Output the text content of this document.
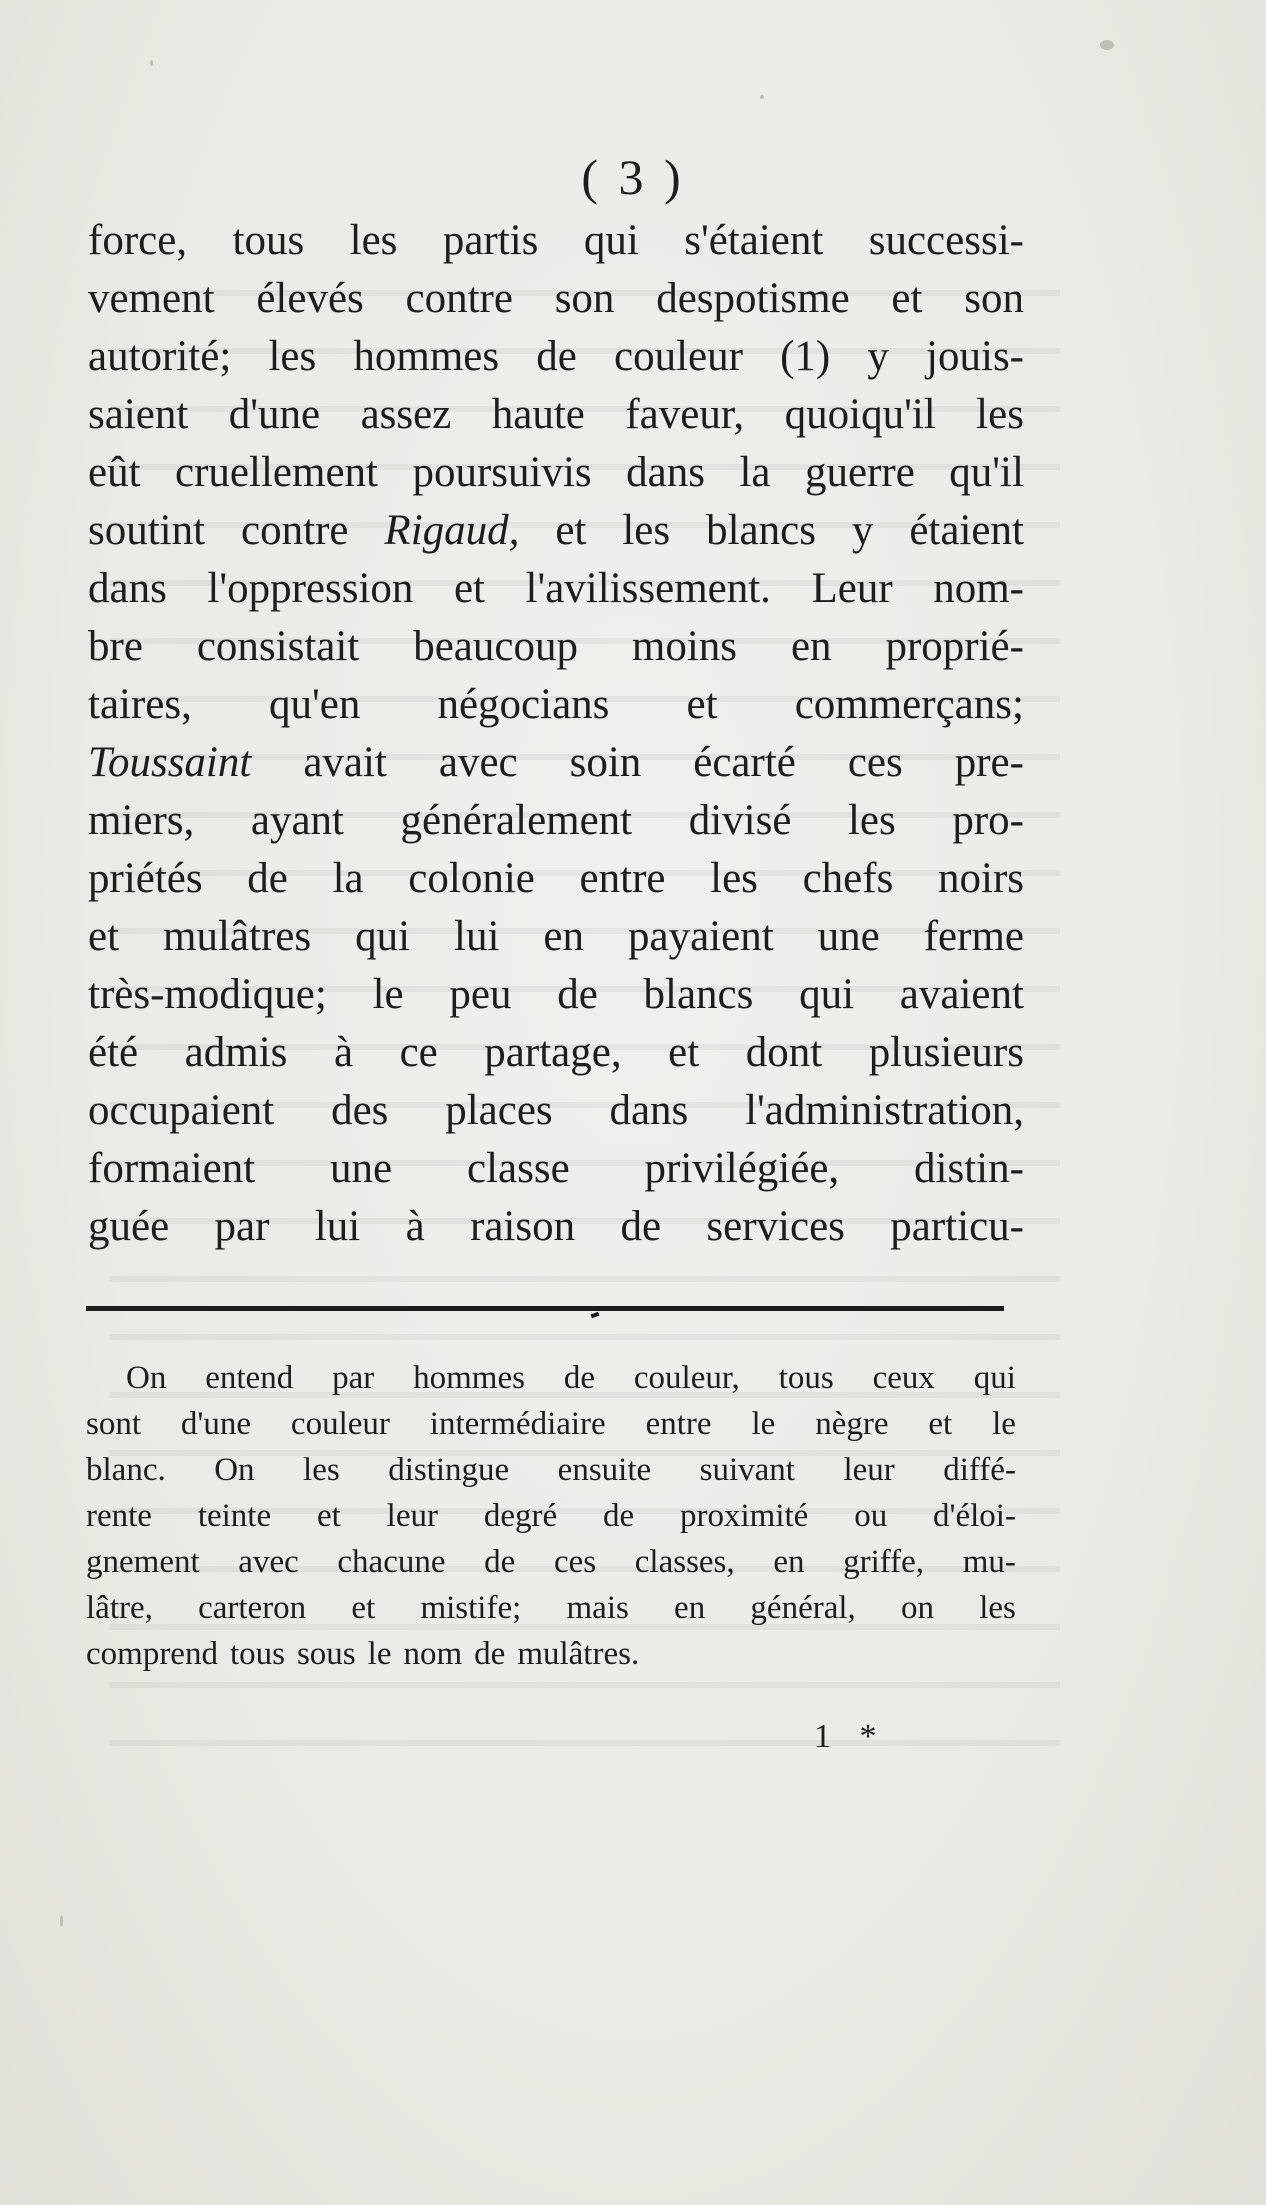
( 3 )
force, tous les partis qui s'étaient successi-
vement élevés contre son despotisme et son
autorité; les hommes de couleur (1) y jouis-
saient d'une assez haute faveur, quoiqu'il les
eût cruellement poursuivis dans la guerre qu'il
soutint contre Rigaud, et les blancs y étaient
dans l'oppression et l'avilissement. Leur nom-
bre consistait beaucoup moins en proprié-
taires, qu'en négocians et commerçans;
Toussaint avait avec soin écarté ces pre-
miers, ayant généralement divisé les pro-
priétés de la colonie entre les chefs noirs
et mulâtres qui lui en payaient une ferme
très-modique; le peu de blancs qui avaient
été admis à ce partage, et dont plusieurs
occupaient des places dans l'administration,
formaient une classe privilégiée, distin-
guée par lui à raison de services particu-
On entend par hommes de couleur, tous ceux qui
sont d'une couleur intermédiaire entre le nègre et le
blanc. On les distingue ensuite suivant leur diffé-
rente teinte et leur degré de proximité ou d'éloi-
gnement avec chacune de ces classes, en griffe, mu-
lâtre, carteron et mistife; mais en général, on les
comprend tous sous le nom de mulâtres.
1 *
